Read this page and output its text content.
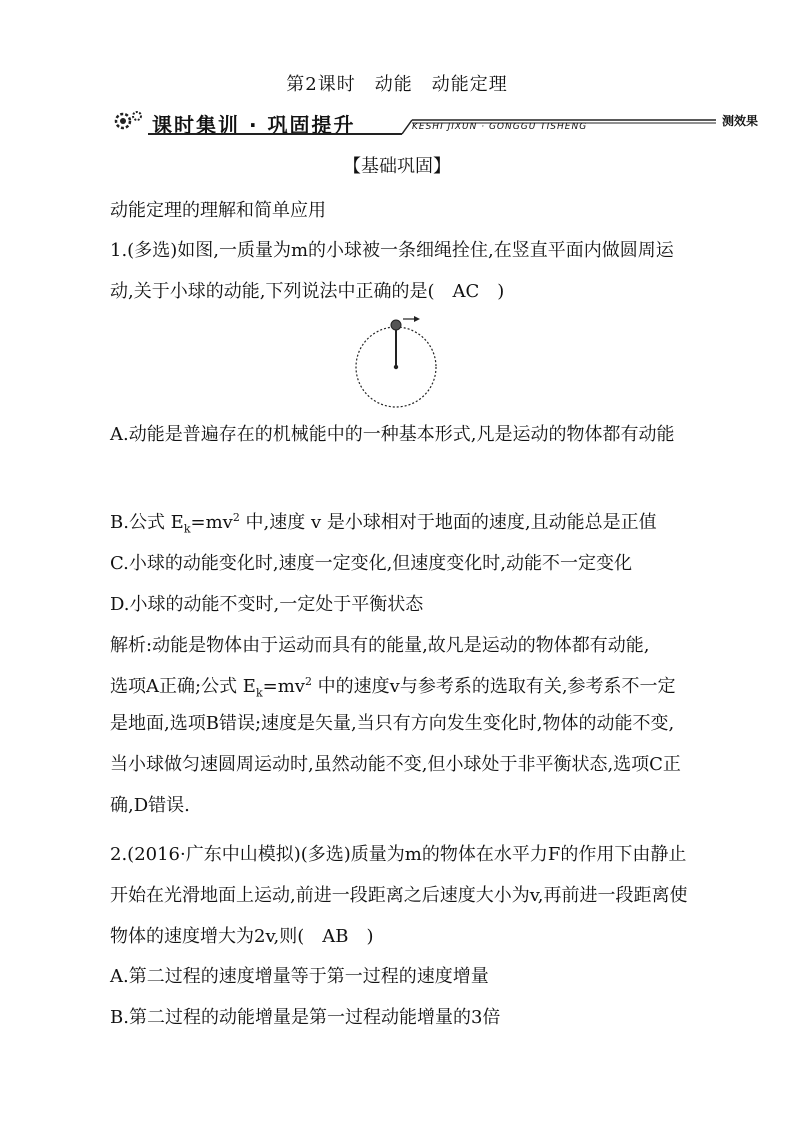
第2课时　动能　动能定理
课时集训 · 巩固提升	KESHI JIXUN · GONGGU TISHENG	测效果
【基础巩固】
动能定理的理解和简单应用
1.(多选)如图,一质量为m的小球被一条细绳拴住,在竖直平面内做圆周运动,关于小球的动能,下列说法中正确的是(　AC　)
A.动能是普遍存在的机械能中的一种基本形式,凡是运动的物体都有动能
B.公式 $E_k=mv^2$ 中,速度 v 是小球相对于地面的速度,且动能总是正值
C.小球的动能变化时,速度一定变化,但速度变化时,动能不一定变化
D.小球的动能不变时,一定处于平衡状态
解析:动能是物体由于运动而具有的能量,故凡是运动的物体都有动能,
选项A正确;公式 $E_k=mv^2$ 中的速度v与参考系的选取有关,参考系不一定
是地面,选项B错误;速度是矢量,当只有方向发生变化时,物体的动能不变,当小球做匀速圆周运动时,虽然动能不变,但小球处于非平衡状态,选项C正确,D错误.
2.(2016·广东中山模拟)(多选)质量为m的物体在水平力F的作用下由静止开始在光滑地面上运动,前进一段距离之后速度大小为v,再前进一段距离使物体的速度增大为2v,则(　AB　)
A.第二过程的速度增量等于第一过程的速度增量
B.第二过程的动能增量是第一过程动能增量的3倍
